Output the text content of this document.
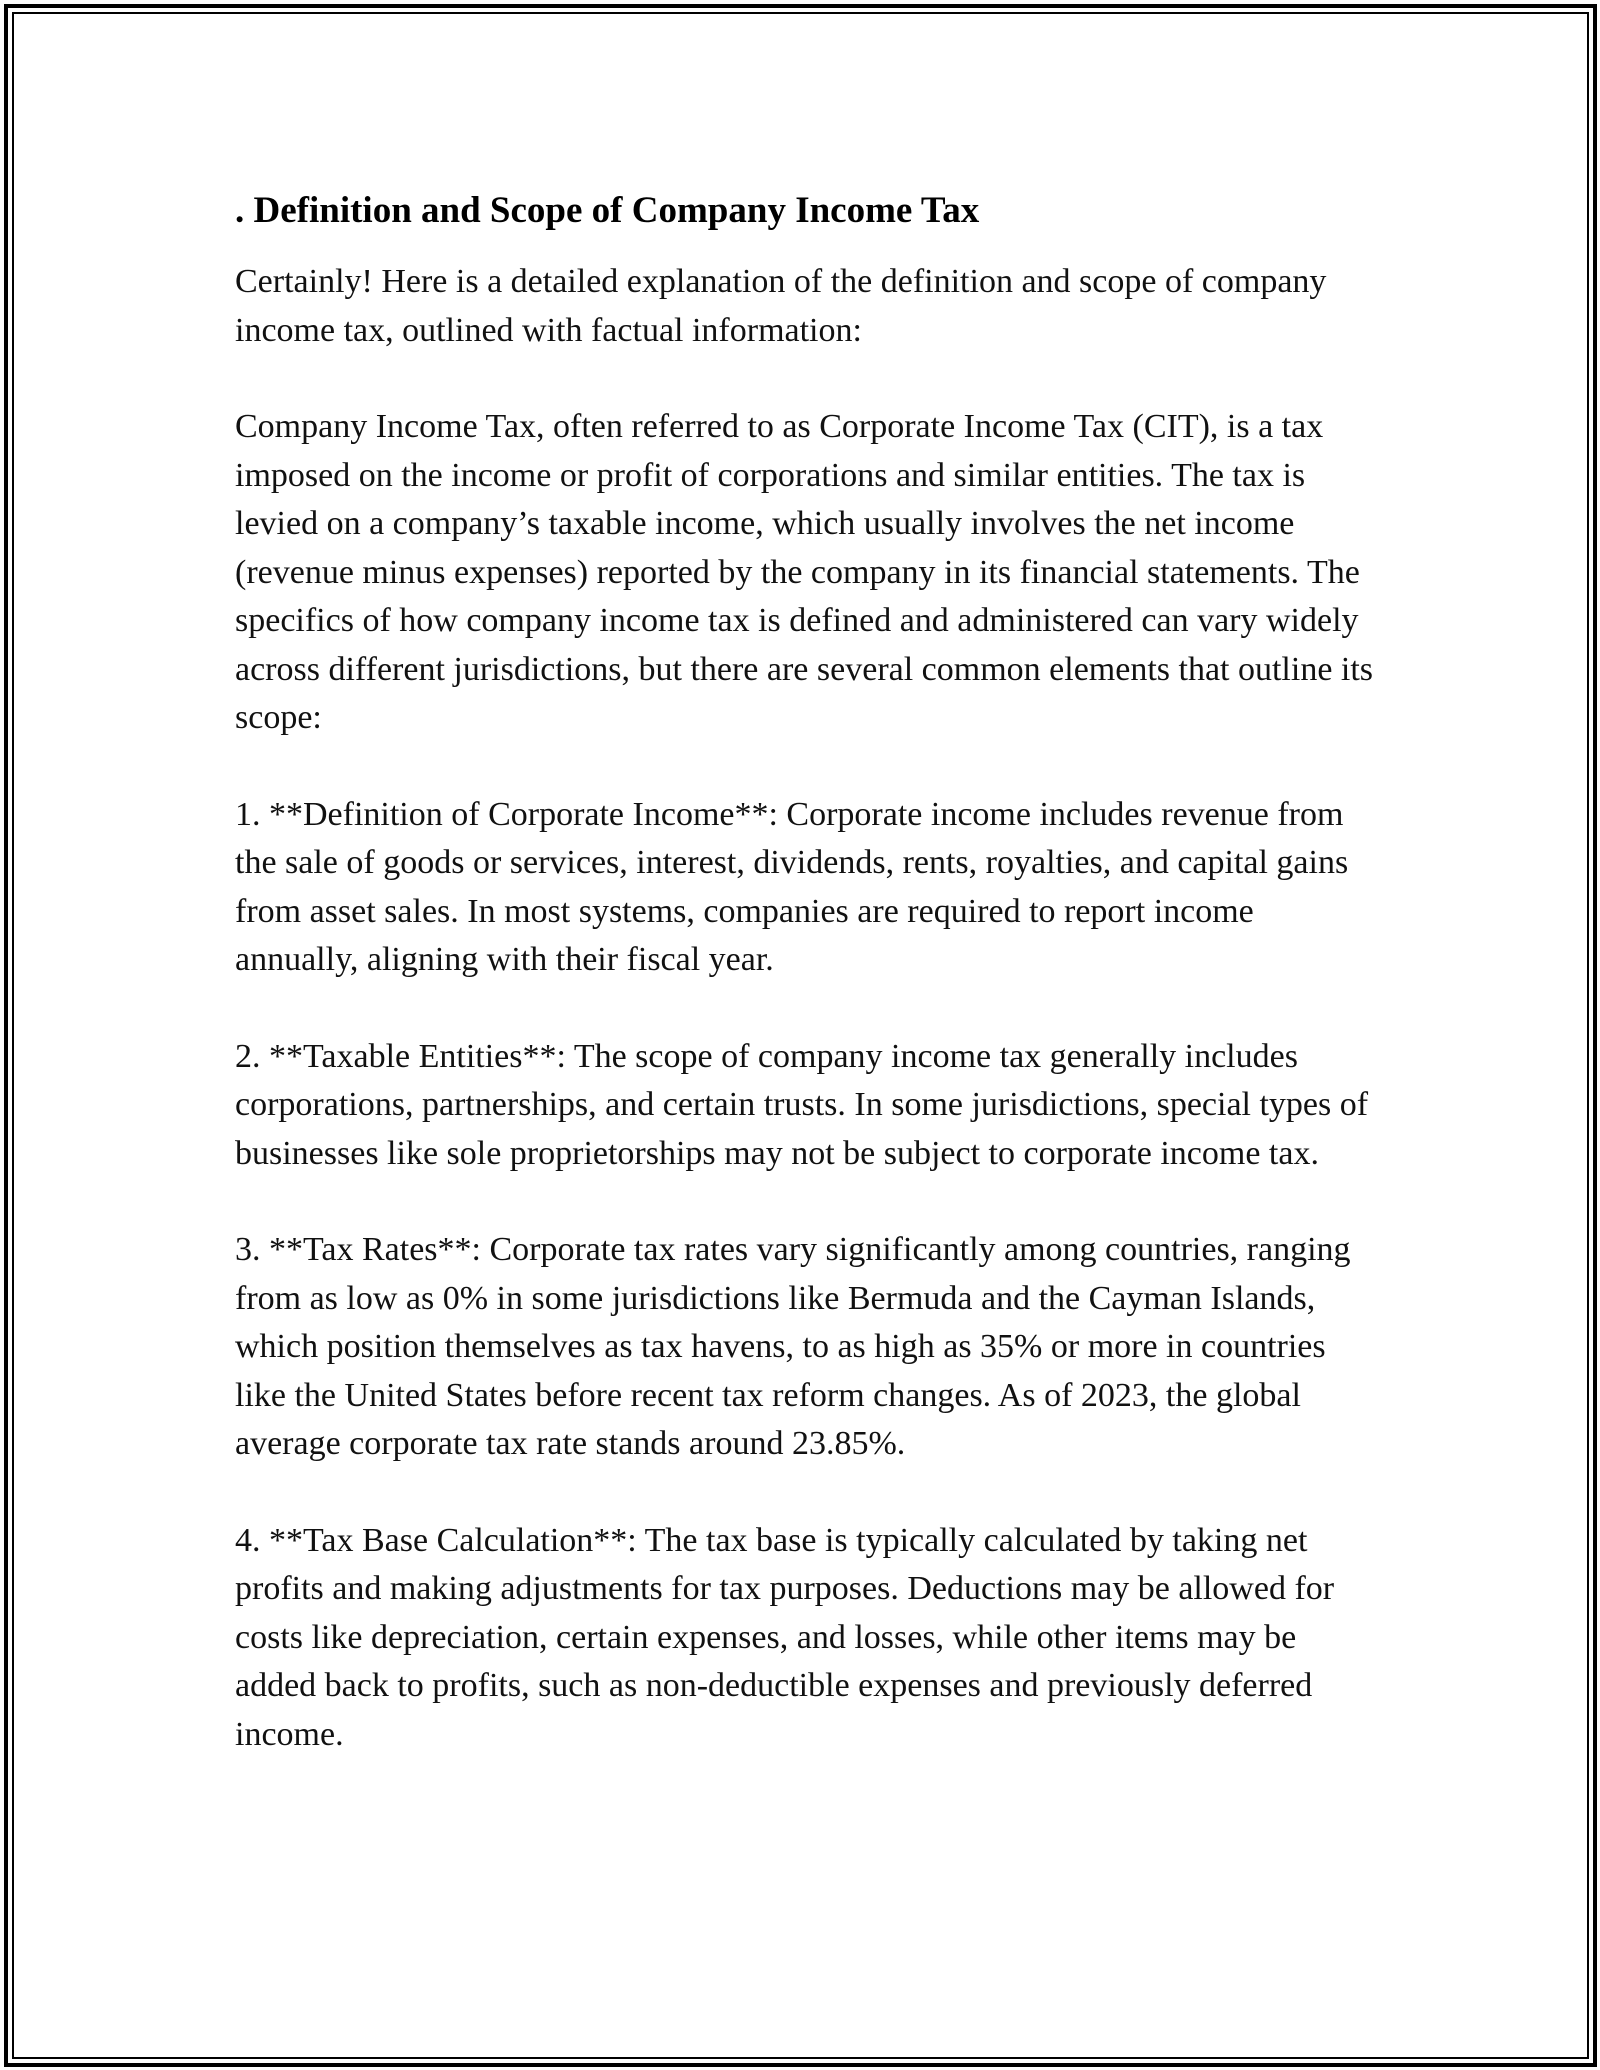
. Definition and Scope of Company Income Tax

Certainly! Here is a detailed explanation of the definition and scope of company income tax, outlined with factual information:

Company Income Tax, often referred to as Corporate Income Tax (CIT), is a tax imposed on the income or profit of corporations and similar entities. The tax is levied on a company’s taxable income, which usually involves the net income (revenue minus expenses) reported by the company in its financial statements. The specifics of how company income tax is defined and administered can vary widely across different jurisdictions, but there are several common elements that outline its scope:

1. **Definition of Corporate Income**: Corporate income includes revenue from the sale of goods or services, interest, dividends, rents, royalties, and capital gains from asset sales. In most systems, companies are required to report income annually, aligning with their fiscal year.

2. **Taxable Entities**: The scope of company income tax generally includes corporations, partnerships, and certain trusts. In some jurisdictions, special types of businesses like sole proprietorships may not be subject to corporate income tax.

3. **Tax Rates**: Corporate tax rates vary significantly among countries, ranging from as low as 0% in some jurisdictions like Bermuda and the Cayman Islands, which position themselves as tax havens, to as high as 35% or more in countries like the United States before recent tax reform changes. As of 2023, the global average corporate tax rate stands around 23.85%.

4. **Tax Base Calculation**: The tax base is typically calculated by taking net profits and making adjustments for tax purposes. Deductions may be allowed for costs like depreciation, certain expenses, and losses, while other items may be added back to profits, such as non-deductible expenses and previously deferred income.
